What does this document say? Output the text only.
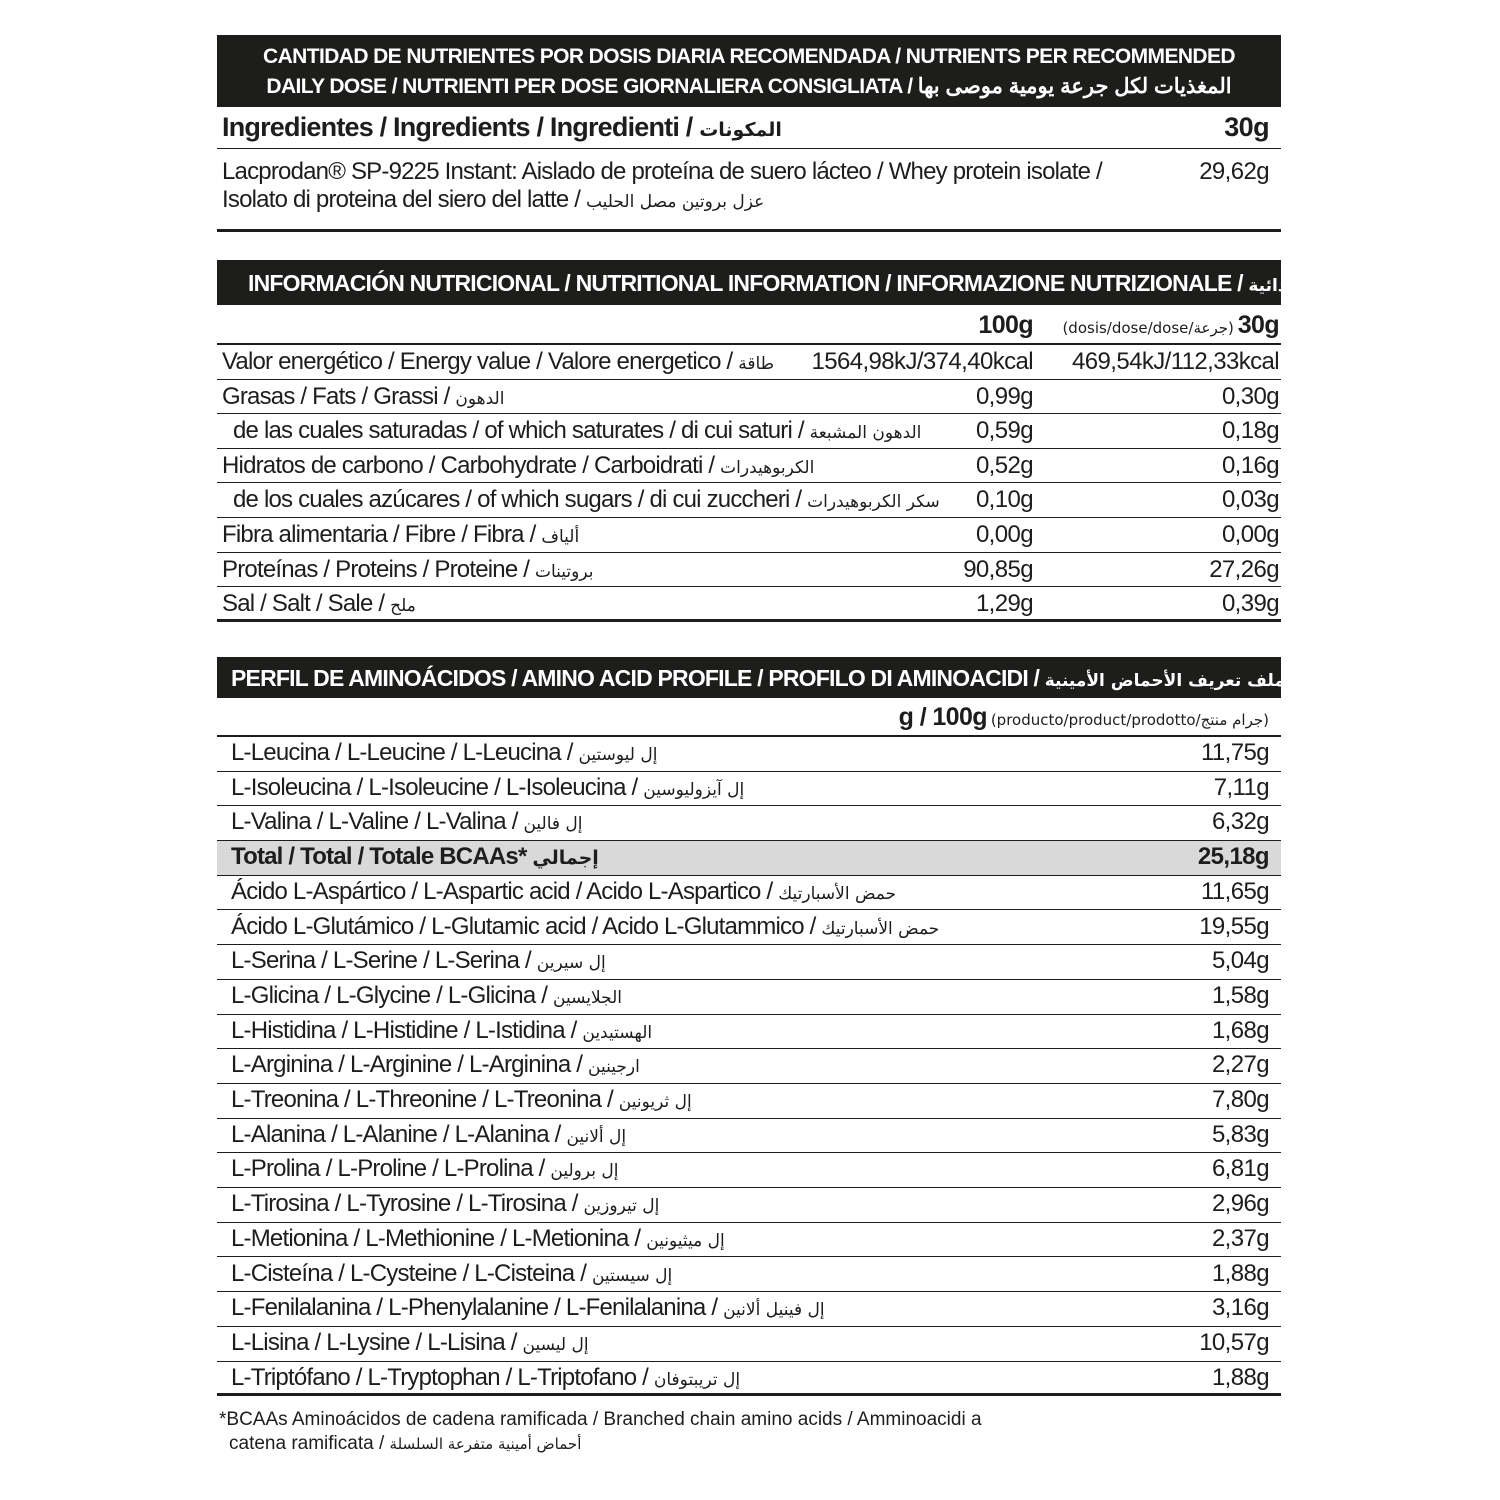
CANTIDAD DE NUTRIENTES POR DOSIS DIARIA RECOMENDADA / NUTRIENTS PER RECOMMENDED
DAILY DOSE / NUTRIENTI PER DOSE GIORNALIERA CONSIGLIATA / المغذيات لكل جرعة يومية موصى بها
Ingredientes / Ingredients / Ingredienti / المكونات	30g
Lacprodan® SP-9225 Instant: Aislado de proteína de suero lácteo / Whey protein isolate /
Isolato di proteina del siero del latte / عزل بروتين مصل الحليب
29,62g
INFORMACIÓN NUTRICIONAL / NUTRITIONAL INFORMATION / INFORMAZIONE NUTRIZIONALE / معلومات غذائية
100g (dosis/dose/dose/جرعة) 30g
Valor energético / Energy value / Valore energetico / طاقة 1564,98kJ/374,40kcal 469,54kJ/112,33kcal
Grasas / Fats / Grassi / الدهون	0,99g	0,30g
de las cuales saturadas / of which saturates / di cui saturi / الدهون المشبعة 0,59g	0,18g
Hidratos de carbono / Carbohydrate / Carboidrati / الكربوهيدرات	0,52g	0,16g
de los cuales azúcares / of which sugars / di cui zuccheri / سكر الكربوهيدرات 0,10g	0,03g
Fibra alimentaria / Fibre / Fibra / ألياف	0,00g	0,00g
Proteínas / Proteins / Proteine / بروتينات	90,85g	27,26g
Sal / Salt / Sale / ملح	1,29g	0,39g
PERFIL DE AMINOÁCIDOS / AMINO ACID PROFILE / PROFILO DI AMINOACIDI / ملف تعريف الأحماض الأمينية
g / 100g (producto/product/prodotto/جرام منتج)
L-Leucina / L-Leucine / L-Leucina / إل ليوستين	11,75g
L-Isoleucina / L-Isoleucine / L-Isoleucina / إل آيزوليوسين	7,11g
L-Valina / L-Valine / L-Valina / إل فالين	6,32g
Total / Total / Totale BCAAs* إجمالي	25,18g
Ácido L-Aspártico / L-Aspartic acid / Acido L-Aspartico / حمض الأسبارتيك	11,65g
Ácido L-Glutámico / L-Glutamic acid / Acido L-Glutammico / حمض الأسبارتيك	19,55g
L-Serina / L-Serine / L-Serina / إل سيرين	5,04g
L-Glicina / L-Glycine / L-Glicina / الجلايسين	1,58g
L-Histidina / L-Histidine / L-Istidina / الهستيدين	1,68g
L-Arginina / L-Arginine / L-Arginina / ارجينين	2,27g
L-Treonina / L-Threonine / L-Treonina / إل ثريونين	7,80g
L-Alanina / L-Alanine / L-Alanina / إل ألانين	5,83g
L-Prolina / L-Proline / L-Prolina / إل برولين	6,81g
L-Tirosina / L-Tyrosine / L-Tirosina / إل تيروزين	2,96g
L-Metionina / L-Methionine / L-Metionina / إل ميثيونين	2,37g
L-Cisteína / L-Cysteine / L-Cisteina / إل سيستين	1,88g
L-Fenilalanina / L-Phenylalanine / L-Fenilalanina / إل فينيل ألانين	3,16g
L-Lisina / L-Lysine / L-Lisina / إل ليسين	10,57g
L-Triptófano / L-Tryptophan / L-Triptofano / إل تريبتوفان	1,88g
*BCAAs Aminoácidos de cadena ramificada / Branched chain amino acids / Amminoacidi a
catena ramificata / أحماض أمينية متفرعة السلسلة
